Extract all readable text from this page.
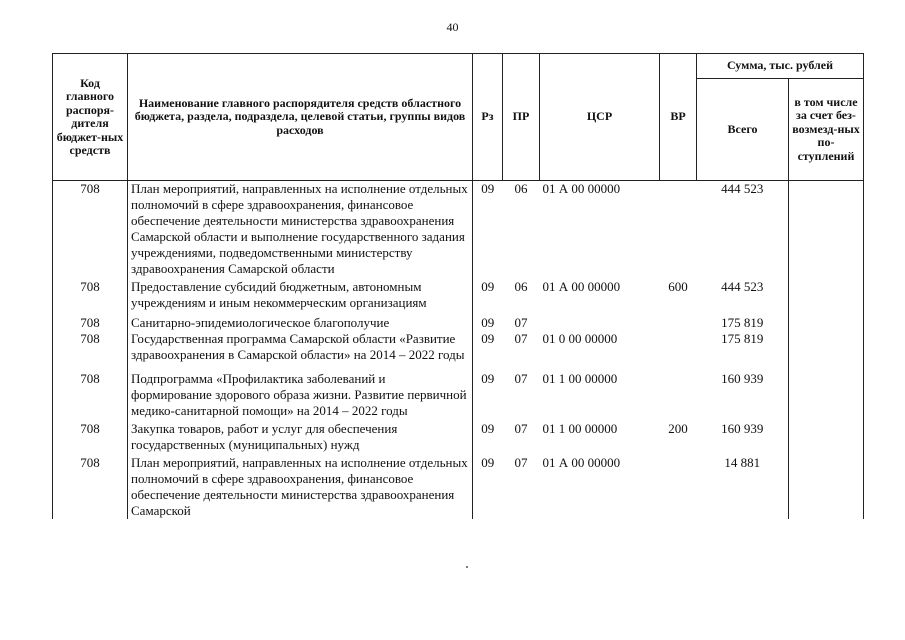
40
Код главного распоря-дителя бюджет-ных средств	Наименование главного распорядителя средств областного бюджета, раздела, подраздела, целевой статьи, группы видов расходов	Рз	ПР	ЦСР	ВР	Сумма, тыс. рублей	
						Всего	в том числе за счет без-возмезд-ных по-ступлений
708	План мероприятий, направленных на исполнение отдельных полномочий в сфере здравоохранения, финансовое обеспечение деятельности министерства здравоохранения Самарской области и выполнение государственного задания учреждениями, подведомственными министерству здравоохранения Самарской области	09	06	01 А 00 00000		444 523	
708	Предоставление субсидий бюджетным, автономным учреждениям и иным некоммерческим организациям	09	06	01 А 00 00000	600	444 523	
708	Санитарно-эпидемиологическое благополучие	09	07			175 819	
708	Государственная программа Самарской области «Развитие здравоохранения в Самарской области» на 2014 – 2022 годы	09	07	01 0 00 00000		175 819	
708	Подпрограмма «Профилактика заболеваний и формирование здорового образа жизни. Развитие первичной медико-санитарной помощи» на 2014 – 2022 годы	09	07	01 1 00 00000		160 939	
708	Закупка товаров, работ и услуг для обеспечения государственных (муниципальных) нужд	09	07	01 1 00 00000	200	160 939	
708	План мероприятий, направленных на исполнение отдельных полномочий в сфере здравоохранения, финансовое обеспечение деятельности министерства здравоохранения Самарской	09	07	01 А 00 00000		14 881	
